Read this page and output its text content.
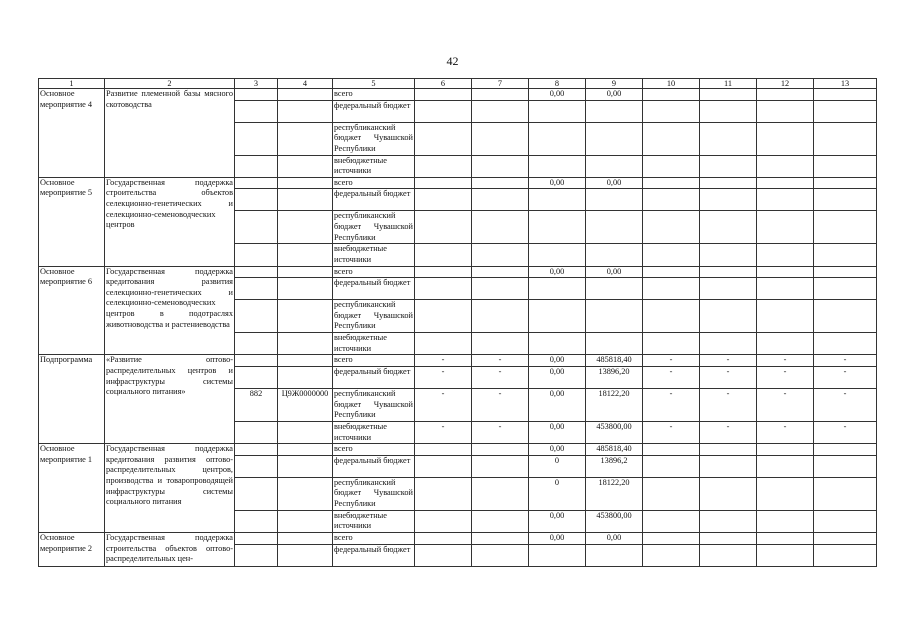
42
1	2	3	4	5	6	7	8	9	10	11	12	13
Основное мероприятие 4	Развитие племенной базы мясного скотоводства			всего			0,00	0,00				
				федеральный бюджет								
				республиканский бюджет Чувашской Республики								
				внебюджетные источники								
Основное мероприятие 5	Государственная поддержка строительства объектов селекционно-генетических и селекционно-семеноводческих центров			всего			0,00	0,00				
				федеральный бюджет								
				республиканский бюджет Чувашской Республики								
				внебюджетные источники								
Основное мероприятие 6	Государственная поддержка кредитования развития селекционно-генетических и селекционно-семеноводческих центров в подотраслях животноводства и растениеводства			всего			0,00	0,00				
				федеральный бюджет								
				республиканский бюджет Чувашской Республики								
				внебюджетные источники								
Подпрограмма	«Развитие оптово-распределительных центров и инфраструктуры системы социального питания»			всего	-	-	0,00	485818,40	-	-	-	-
				федеральный бюджет	-	-	0,00	13896,20	-	-	-	-
		882	Ц9Ж0000000	республиканский бюджет Чувашской Республики	-	-	0,00	18122,20	-	-	-	-
				внебюджетные источники	-	-	0,00	453800,00	-	-	-	-
Основное мероприятие 1	Государственная поддержка кредитования развития оптово-распределительных центров, производства и товаропроводящей инфраструктуры системы социального питания			всего			0,00	485818,40				
				федеральный бюджет			0	13896,2				
				республиканский бюджет Чувашской Республики			0	18122,20				
				внебюджетные источники			0,00	453800,00				
Основное мероприятие 2	Государственная поддержка строительства объектов оптово-распределительных цен-			всего			0,00	0,00				
				федеральный бюджет								
